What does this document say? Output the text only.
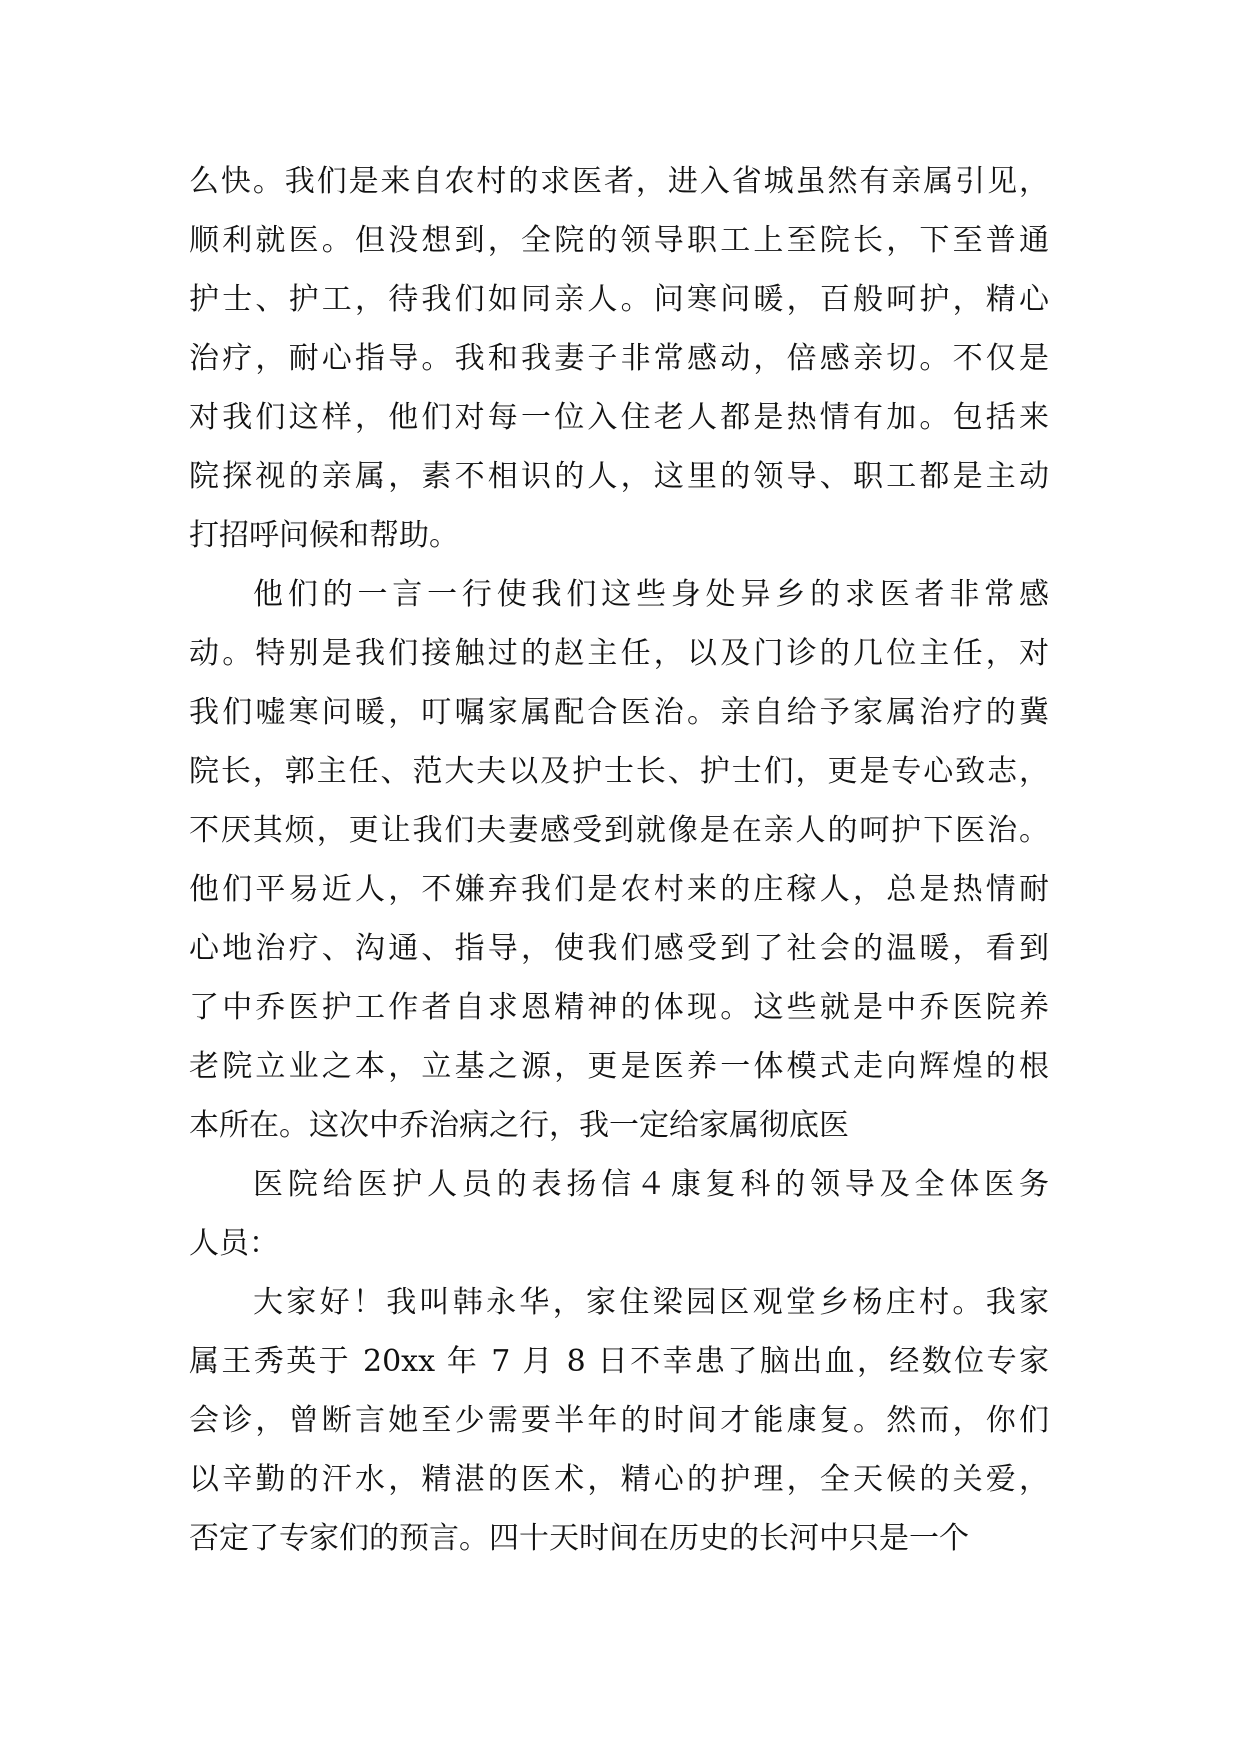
么快。我们是来自农村的求医者，进入省城虽然有亲属引见，
顺利就医。但没想到，全院的领导职工上至院长，下至普通
护士、护工，待我们如同亲人。问寒问暖，百般呵护，精心
治疗，耐心指导。我和我妻子非常感动，倍感亲切。不仅是
对我们这样，他们对每一位入住老人都是热情有加。包括来
院探视的亲属，素不相识的人，这里的领导、职工都是主动
打招呼问候和帮助。
他们的一言一行使我们这些身处异乡的求医者非常感
动。特别是我们接触过的赵主任，以及门诊的几位主任，对
我们嘘寒问暖，叮嘱家属配合医治。亲自给予家属治疗的冀
院长，郭主任、范大夫以及护士长、护士们，更是专心致志，
不厌其烦，更让我们夫妻感受到就像是在亲人的呵护下医治。
他们平易近人，不嫌弃我们是农村来的庄稼人，总是热情耐
心地治疗、沟通、指导，使我们感受到了社会的温暖，看到
了中乔医护工作者自求恩精神的体现。这些就是中乔医院养
老院立业之本，立基之源，更是医养一体模式走向辉煌的根
本所在。这次中乔治病之行，我一定给家属彻底医
医院给医护人员的表扬信４康复科的领导及全体医务
人员：
大家好！我叫韩永华，家住梁园区观堂乡杨庄村。我家
属王秀英于 20xx 年 7 月 8 日不幸患了脑出血，经数位专家
会诊，曾断言她至少需要半年的时间才能康复。然而，你们
以辛勤的汗水，精湛的医术，精心的护理，全天候的关爱，
否定了专家们的预言。四十天时间在历史的长河中只是一个
